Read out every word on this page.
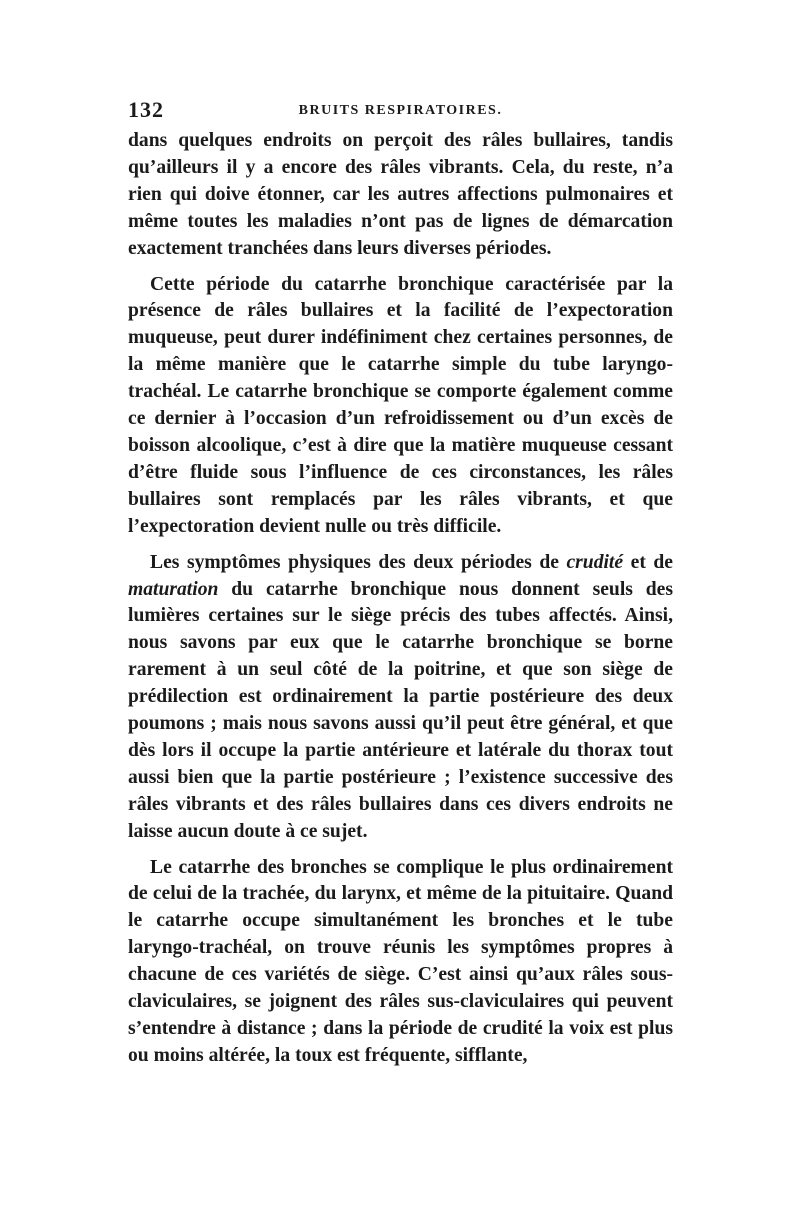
132	BRUITS RESPIRATOIRES.

dans quelques endroits on perçoit des râles bullaires, tandis qu’ailleurs il y a encore des râles vibrants. Cela, du reste, n’a rien qui doive étonner, car les autres affections pulmonaires et même toutes les maladies n’ont pas de lignes de démarcation exactement tranchées dans leurs diverses périodes.

Cette période du catarrhe bronchique caractérisée par la présence de râles bullaires et la facilité de l’expectoration muqueuse, peut durer indéfiniment chez certaines personnes, de la même manière que le catarrhe simple du tube laryngo-trachéal. Le catarrhe bronchique se comporte également comme ce dernier à l’occasion d’un refroidissement ou d’un excès de boisson alcoolique, c’est à dire que la matière muqueuse cessant d’être fluide sous l’influence de ces circonstances, les râles bullaires sont remplacés par les râles vibrants, et que l’expectoration devient nulle ou très difficile.

Les symptômes physiques des deux périodes de crudité et de maturation du catarrhe bronchique nous donnent seuls des lumières certaines sur le siège précis des tubes affectés. Ainsi, nous savons par eux que le catarrhe bronchique se borne rarement à un seul côté de la poitrine, et que son siège de prédilection est ordinairement la partie postérieure des deux poumons ; mais nous savons aussi qu’il peut être général, et que dès lors il occupe la partie antérieure et latérale du thorax tout aussi bien que la partie postérieure ; l’existence successive des râles vibrants et des râles bullaires dans ces divers endroits ne laisse aucun doute à ce sujet.

Le catarrhe des bronches se complique le plus ordinairement de celui de la trachée, du larynx, et même de la pituitaire. Quand le catarrhe occupe simultanément les bronches et le tube laryngo-trachéal, on trouve réunis les symptômes propres à chacune de ces variétés de siège. C’est ainsi qu’aux râles sous-claviculaires, se joignent des râles sus-claviculaires qui peuvent s’entendre à distance ; dans la période de crudité la voix est plus ou moins altérée, la toux est fréquente, sifflante,
